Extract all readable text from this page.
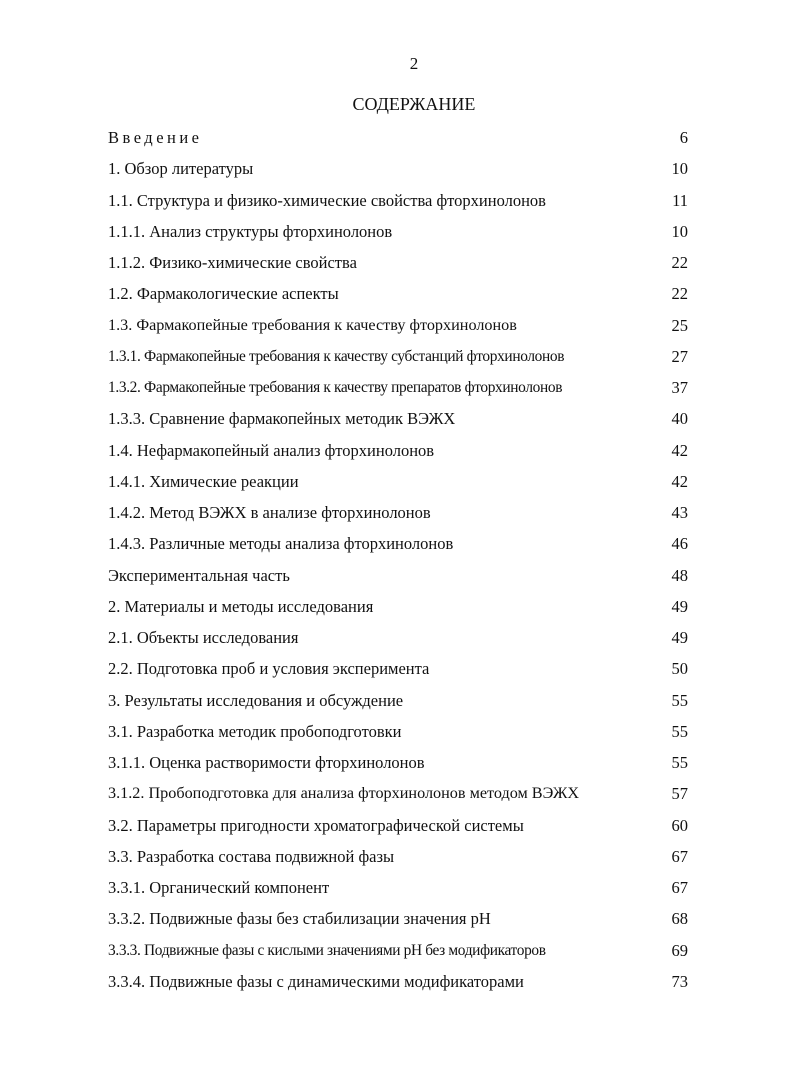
2
СОДЕРЖАНИЕ
Введение	6
1. Обзор литературы	10
1.1. Структура и физико-химические свойства фторхинолонов	11
1.1.1. Анализ структуры фторхинолонов	10
1.1.2. Физико-химические свойства	22
1.2. Фармакологические аспекты	22
1.3. Фармакопейные требования к качеству фторхинолонов	25
1.3.1. Фармакопейные требования к качеству субстанций фторхинолонов	27
1.3.2. Фармакопейные требования к качеству препаратов фторхинолонов	37
1.3.3. Сравнение фармакопейных методик ВЭЖХ	40
1.4. Нефармакопейный анализ фторхинолонов	42
1.4.1. Химические реакции	42
1.4.2. Метод ВЭЖХ в анализе фторхинолонов	43
1.4.3. Различные методы анализа фторхинолонов	46
Экспериментальная часть	48
2. Материалы и методы исследования	49
2.1. Объекты исследования	49
2.2. Подготовка проб и условия эксперимента	50
3. Результаты исследования и обсуждение	55
3.1. Разработка методик пробоподготовки	55
3.1.1. Оценка растворимости фторхинолонов	55
3.1.2. Пробоподготовка для анализа фторхинолонов методом ВЭЖХ	57
3.2. Параметры пригодности хроматографической системы	60
3.3. Разработка состава подвижной фазы	67
3.3.1. Органический компонент	67
3.3.2. Подвижные фазы без стабилизации значения pH	68
3.3.3. Подвижные фазы с кислыми значениями pH без модификаторов	69
3.3.4. Подвижные фазы с динамическими модификаторами	73
